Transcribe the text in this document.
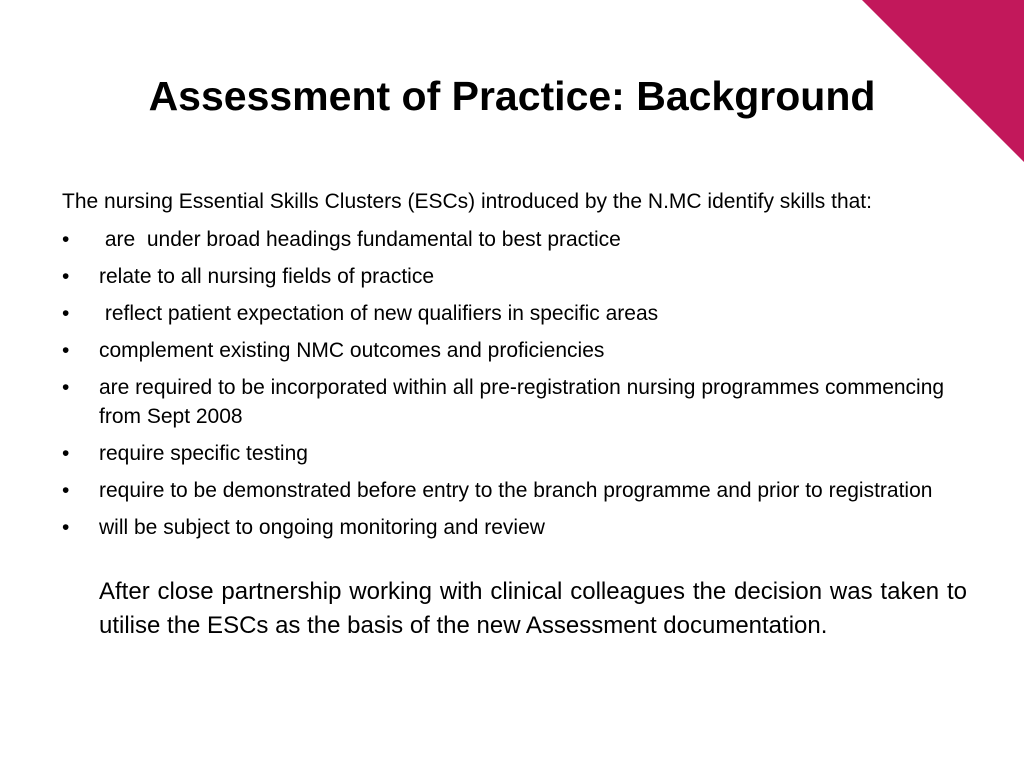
Assessment of Practice: Background

The nursing Essential Skills Clusters (ESCs) introduced by the N.MC identify skills that:

•	are  under broad headings fundamental to best practice
•	relate to all nursing fields of practice
•	reflect patient expectation of new qualifiers in specific areas
•	complement existing NMC outcomes and proficiencies
•	are required to be incorporated within all pre-registration nursing programmes commencing from Sept 2008
•	require specific testing
•	require to be demonstrated before entry to the branch programme and prior to registration
•	will be subject to ongoing monitoring and review

After close partnership working with clinical colleagues the decision was taken to utilise the ESCs as the basis of the new Assessment documentation.
